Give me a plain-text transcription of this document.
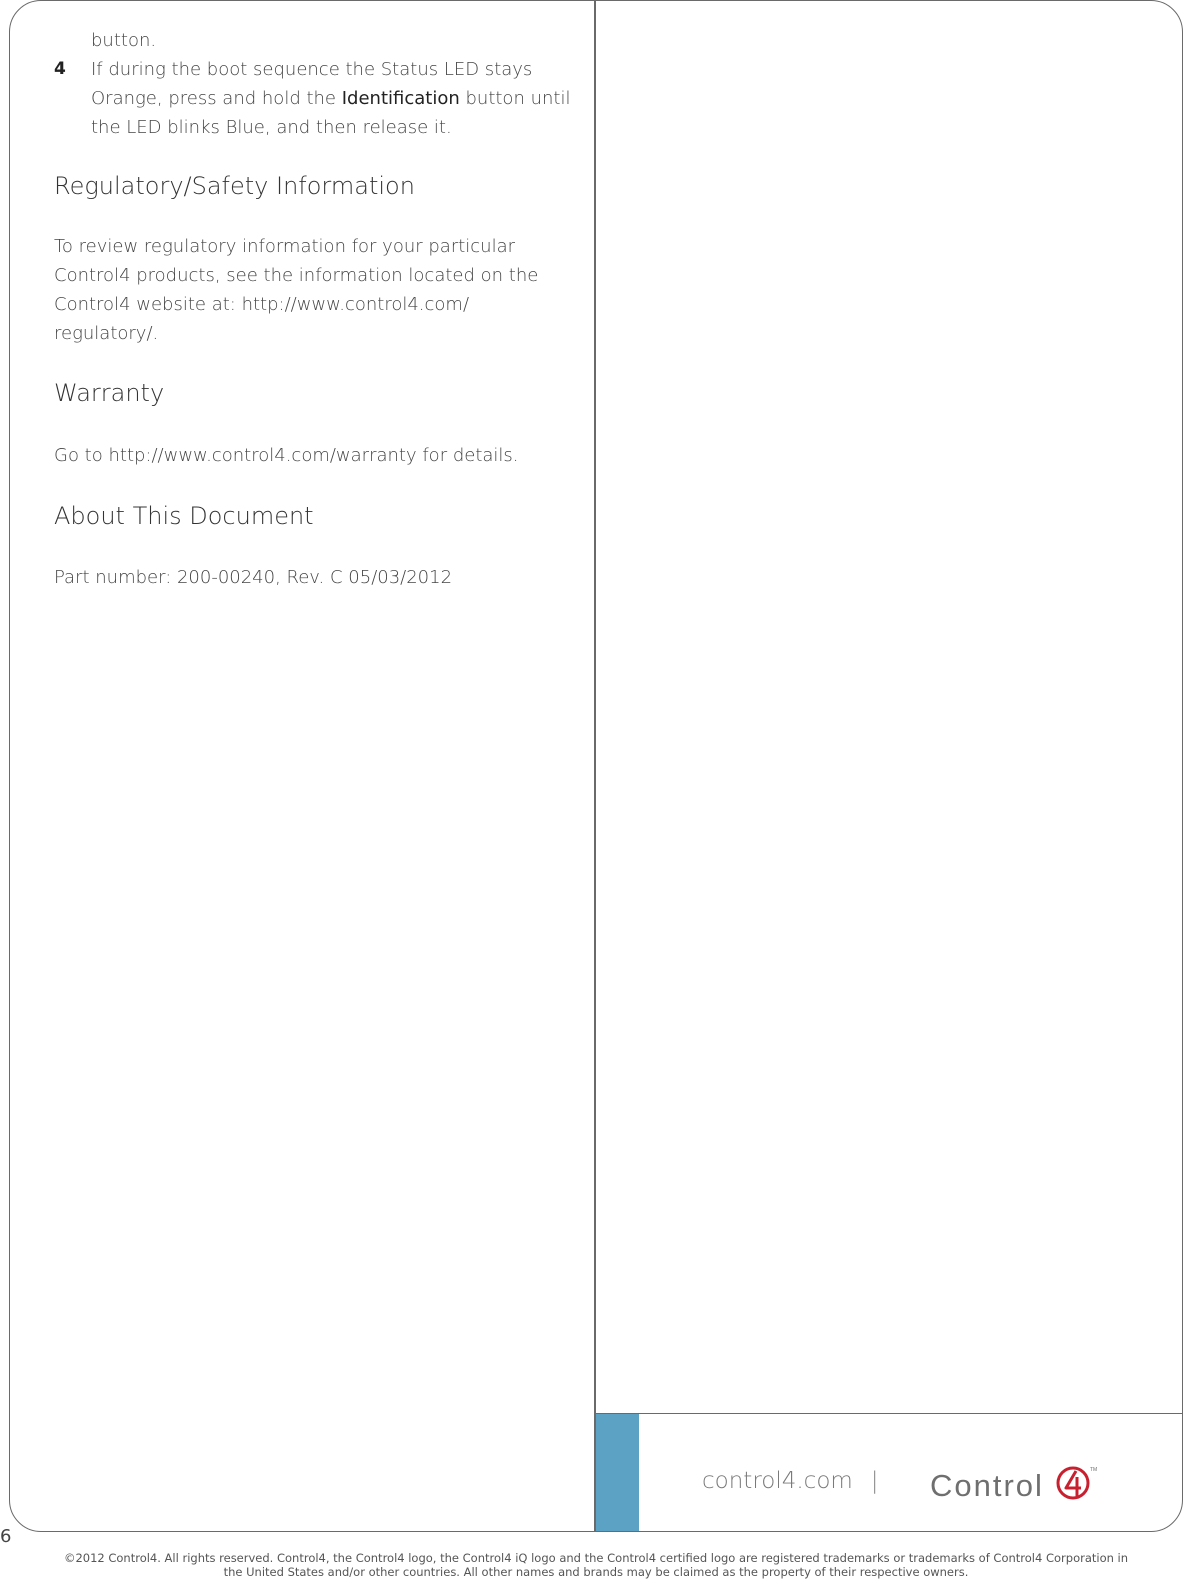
button.

4 If during the boot sequence the Status LED stays Orange, press and hold the Identification button until the LED blinks Blue, and then release it.

Regulatory/Safety Information

To review regulatory information for your particular Control4 products, see the information located on the Control4 website at: http://www.control4.com/ regulatory/.

Warranty

Go to http://www.control4.com/warranty for details.

About This Document

Part number: 200-00240, Rev. C 05/03/2012

control4.com | Control	TM
6
©2012 Control4. All rights reserved. Control4, the Control4 logo, the Control4 iQ logo and the Control4 certified logo are registered trademarks or trademarks of Control4 Corporation in
the United States and/or other countries. All other names and brands may be claimed as the property of their respective owners.
